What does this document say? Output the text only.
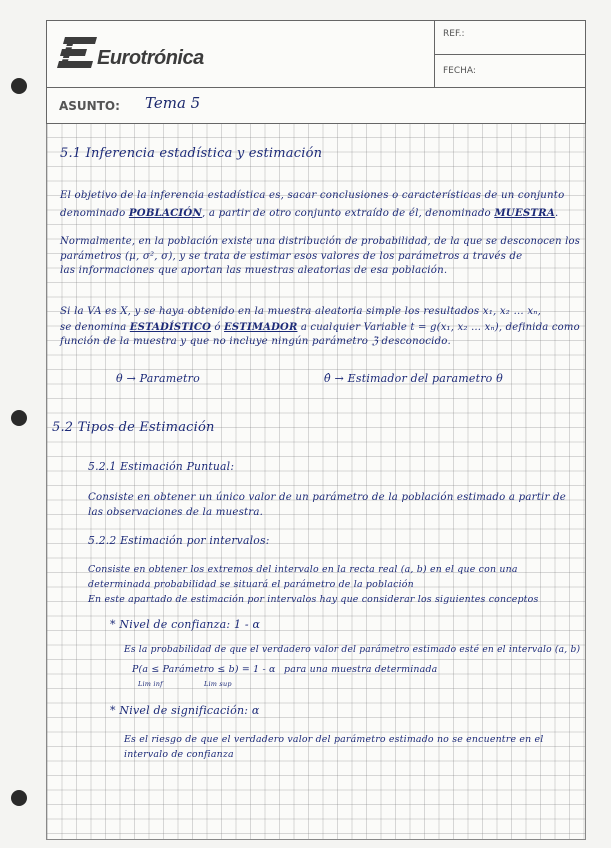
Eurotrónica
REF.:
FECHA:
ASUNTO: Tema 5
5.1 Inferencia estadística y estimación
El objetivo de la inferencia estadística es, sacar conclusiones o características de un conjunto
denominado POBLACIÓN, a partir de otro conjunto extraído de él, denominado MUESTRA.
Normalmente, en la población existe una distribución de probabilidad, de la que se desconocen los
parámetros (μ, σ², σ), y se trata de estimar esos valores de los parámetros a través de
las informaciones que aportan las muestras aleatorias de esa población.
Si la VA es X, y se haya obtenido en la muestra aleatoria simple los resultados x₁, x₂ … xₙ,
se denomina ESTADÍSTICO ó ESTIMADOR a cualquier Variable t = g(x₁, x₂ … xₙ), definida como
función de la muestra y que no incluye ningún parámetro ℨ desconocido.
θ → Parametro	θ̂ → Estimador del parametro θ
5.2 Tipos de Estimación
5.2.1 Estimación Puntual:
Consiste en obtener un único valor de un parámetro de la población estimado a partir de
las observaciones de la muestra.
5.2.2 Estimación por intervalos:
Consiste en obtener los extremos del intervalo en la recta real (a, b) en el que con una
determinada probabilidad se situará el parámetro de la población
En este apartado de estimación por intervalos hay que considerar los siguientes conceptos
* Nivel de confianza: 1 - α
Es la probabilidad de que el verdadero valor del parámetro estimado esté en el intervalo (a, b)
P(a ≤ Parámetro ≤ b) = 1 - α para una muestra determinada
Lim inf	Lim sup
* Nivel de significación: α
Es el riesgo de que el verdadero valor del parámetro estimado no se encuentre en el
intervalo de confianza
